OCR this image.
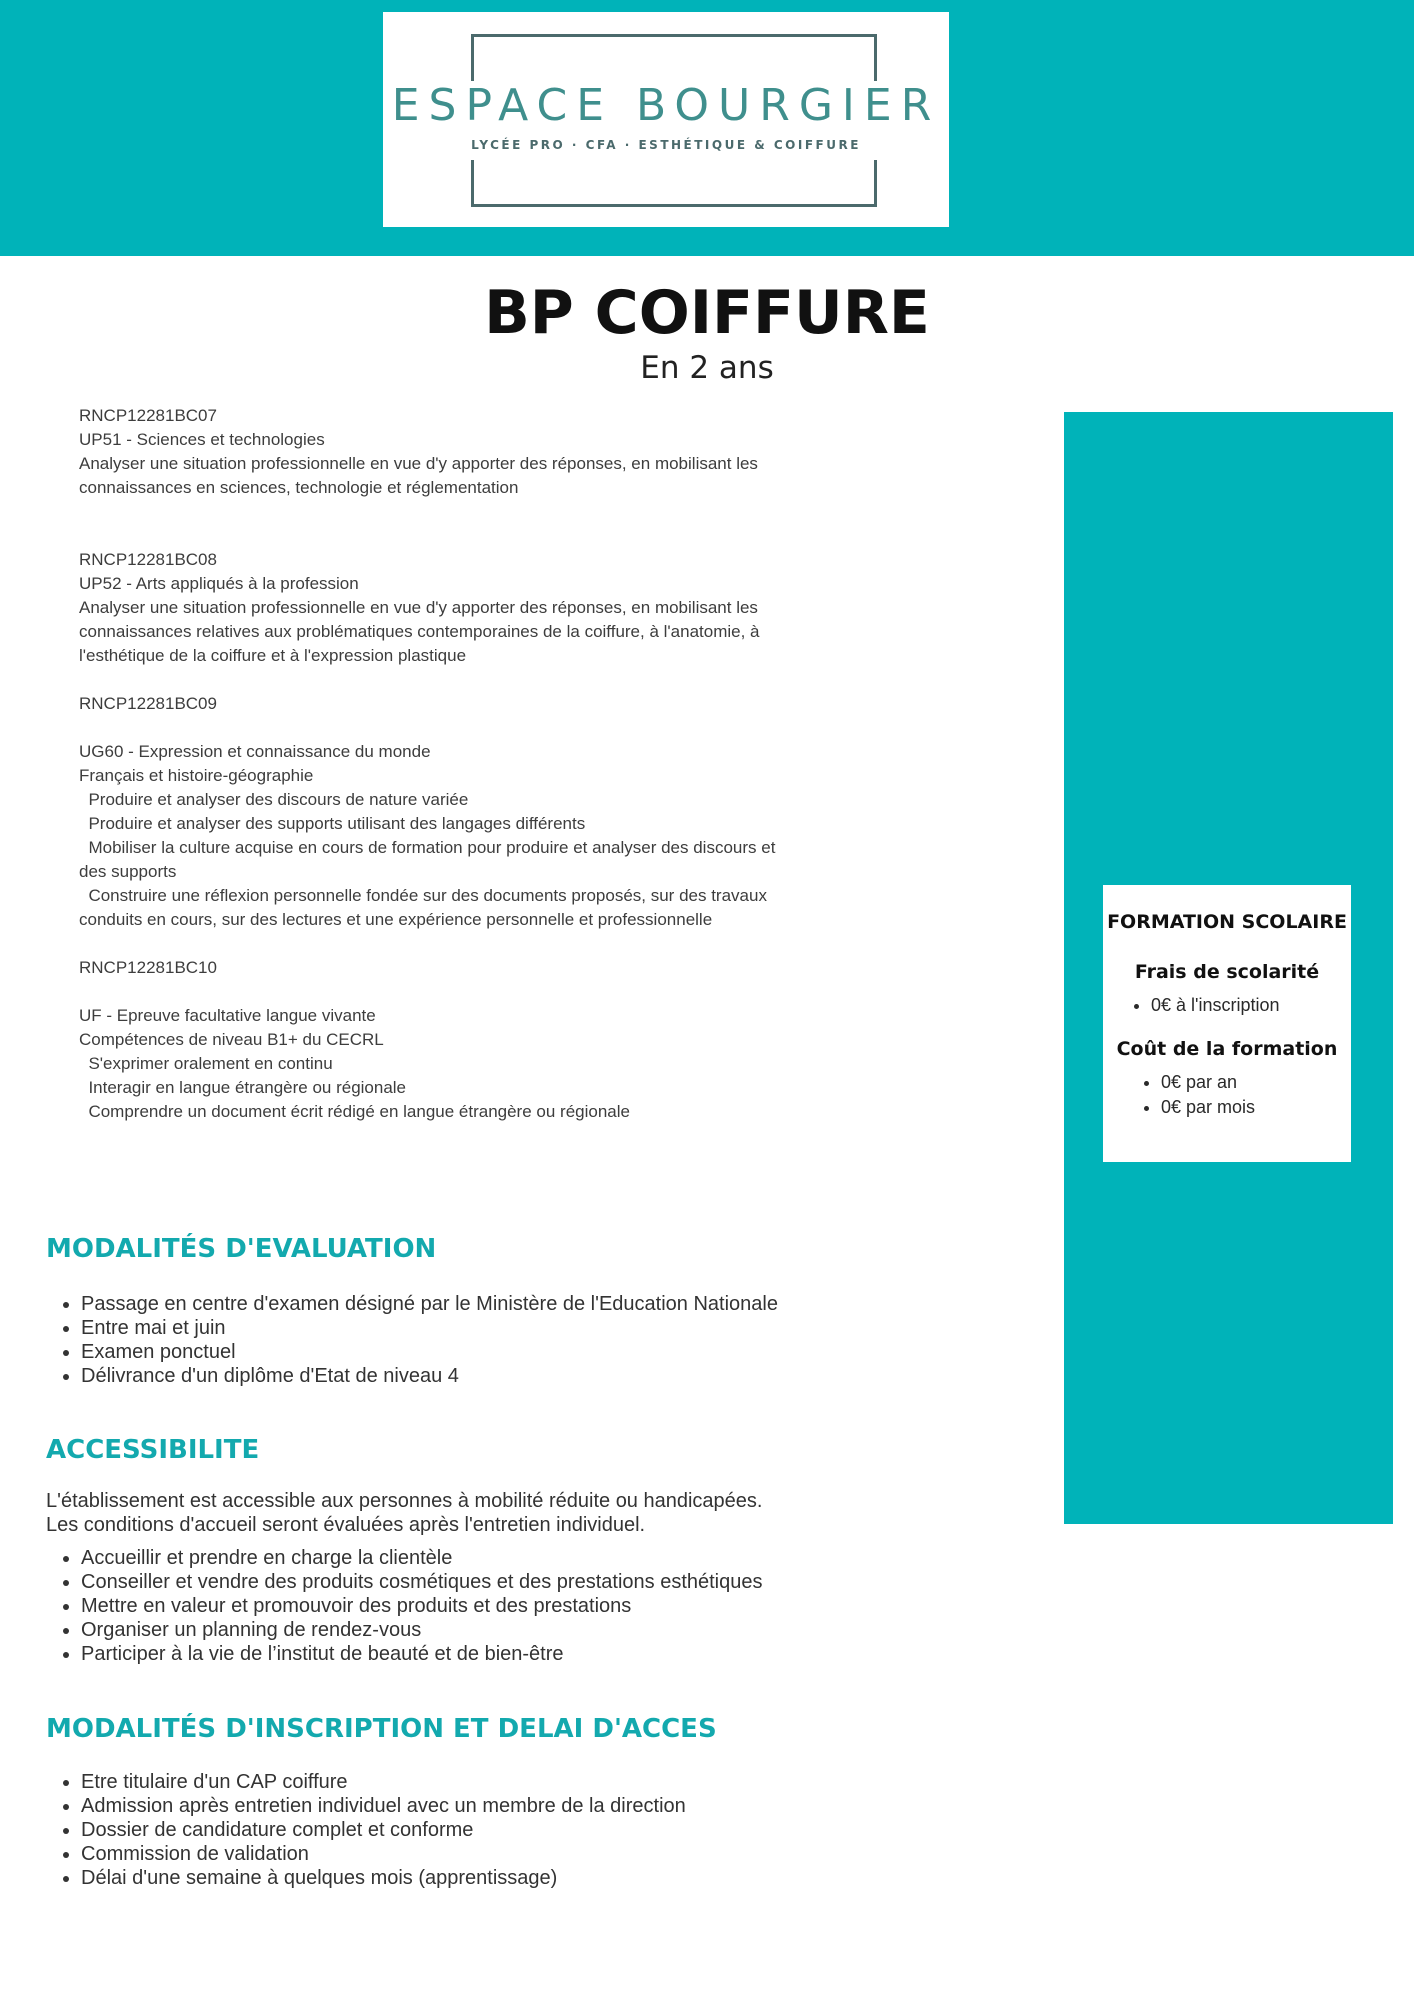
ESPACE BOURGIER
LYCÉE PRO · CFA · ESTHÉTIQUE & COIFFURE
BP COIFFURE
En 2 ans
FORMATION SCOLAIRE
Frais de scolarité
• 0€ à l'inscription
Coût de la formation
• 0€ par an
• 0€ par mois
RNCP12281BC07
UP51 - Sciences et technologies
Analyser une situation professionnelle en vue d'y apporter des réponses, en mobilisant les
connaissances en sciences, technologie et réglementation
RNCP12281BC08
UP52 - Arts appliqués à la profession
Analyser une situation professionnelle en vue d'y apporter des réponses, en mobilisant les
connaissances relatives aux problématiques contemporaines de la coiffure, à l'anatomie, à
l'esthétique de la coiffure et à l'expression plastique
RNCP12281BC09

UG60 - Expression et connaissance du monde
Français et histoire-géographie
Produire et analyser des discours de nature variée
Produire et analyser des supports utilisant des langages différents
Mobiliser la culture acquise en cours de formation pour produire et analyser des discours et
des supports
Construire une réflexion personnelle fondée sur des documents proposés, sur des travaux
conduits en cours, sur des lectures et une expérience personnelle et professionnelle
RNCP12281BC10

UF - Epreuve facultative langue vivante
Compétences de niveau B1+ du CECRL
S'exprimer oralement en continu
Interagir en langue étrangère ou régionale
Comprendre un document écrit rédigé en langue étrangère ou régionale
MODALITÉS D'EVALUATION
• Passage en centre d'examen désigné par le Ministère de l'Education Nationale
• Entre mai et juin
• Examen ponctuel
• Délivrance d'un diplôme d'Etat de niveau 4
ACCESSIBILITE

L'établissement est accessible aux personnes à mobilité réduite ou handicapées.
Les conditions d'accueil seront évaluées après l'entretien individuel.

• Accueillir et prendre en charge la clientèle
• Conseiller et vendre des produits cosmétiques et des prestations esthétiques
• Mettre en valeur et promouvoir des produits et des prestations
• Organiser un planning de rendez-vous
• Participer à la vie de l’institut de beauté et de bien-être
MODALITÉS D'INSCRIPTION ET DELAI D'ACCES
• Etre titulaire d'un CAP coiffure
• Admission après entretien individuel avec un membre de la direction
• Dossier de candidature complet et conforme
• Commission de validation
• Délai d'une semaine à quelques mois (apprentissage)
